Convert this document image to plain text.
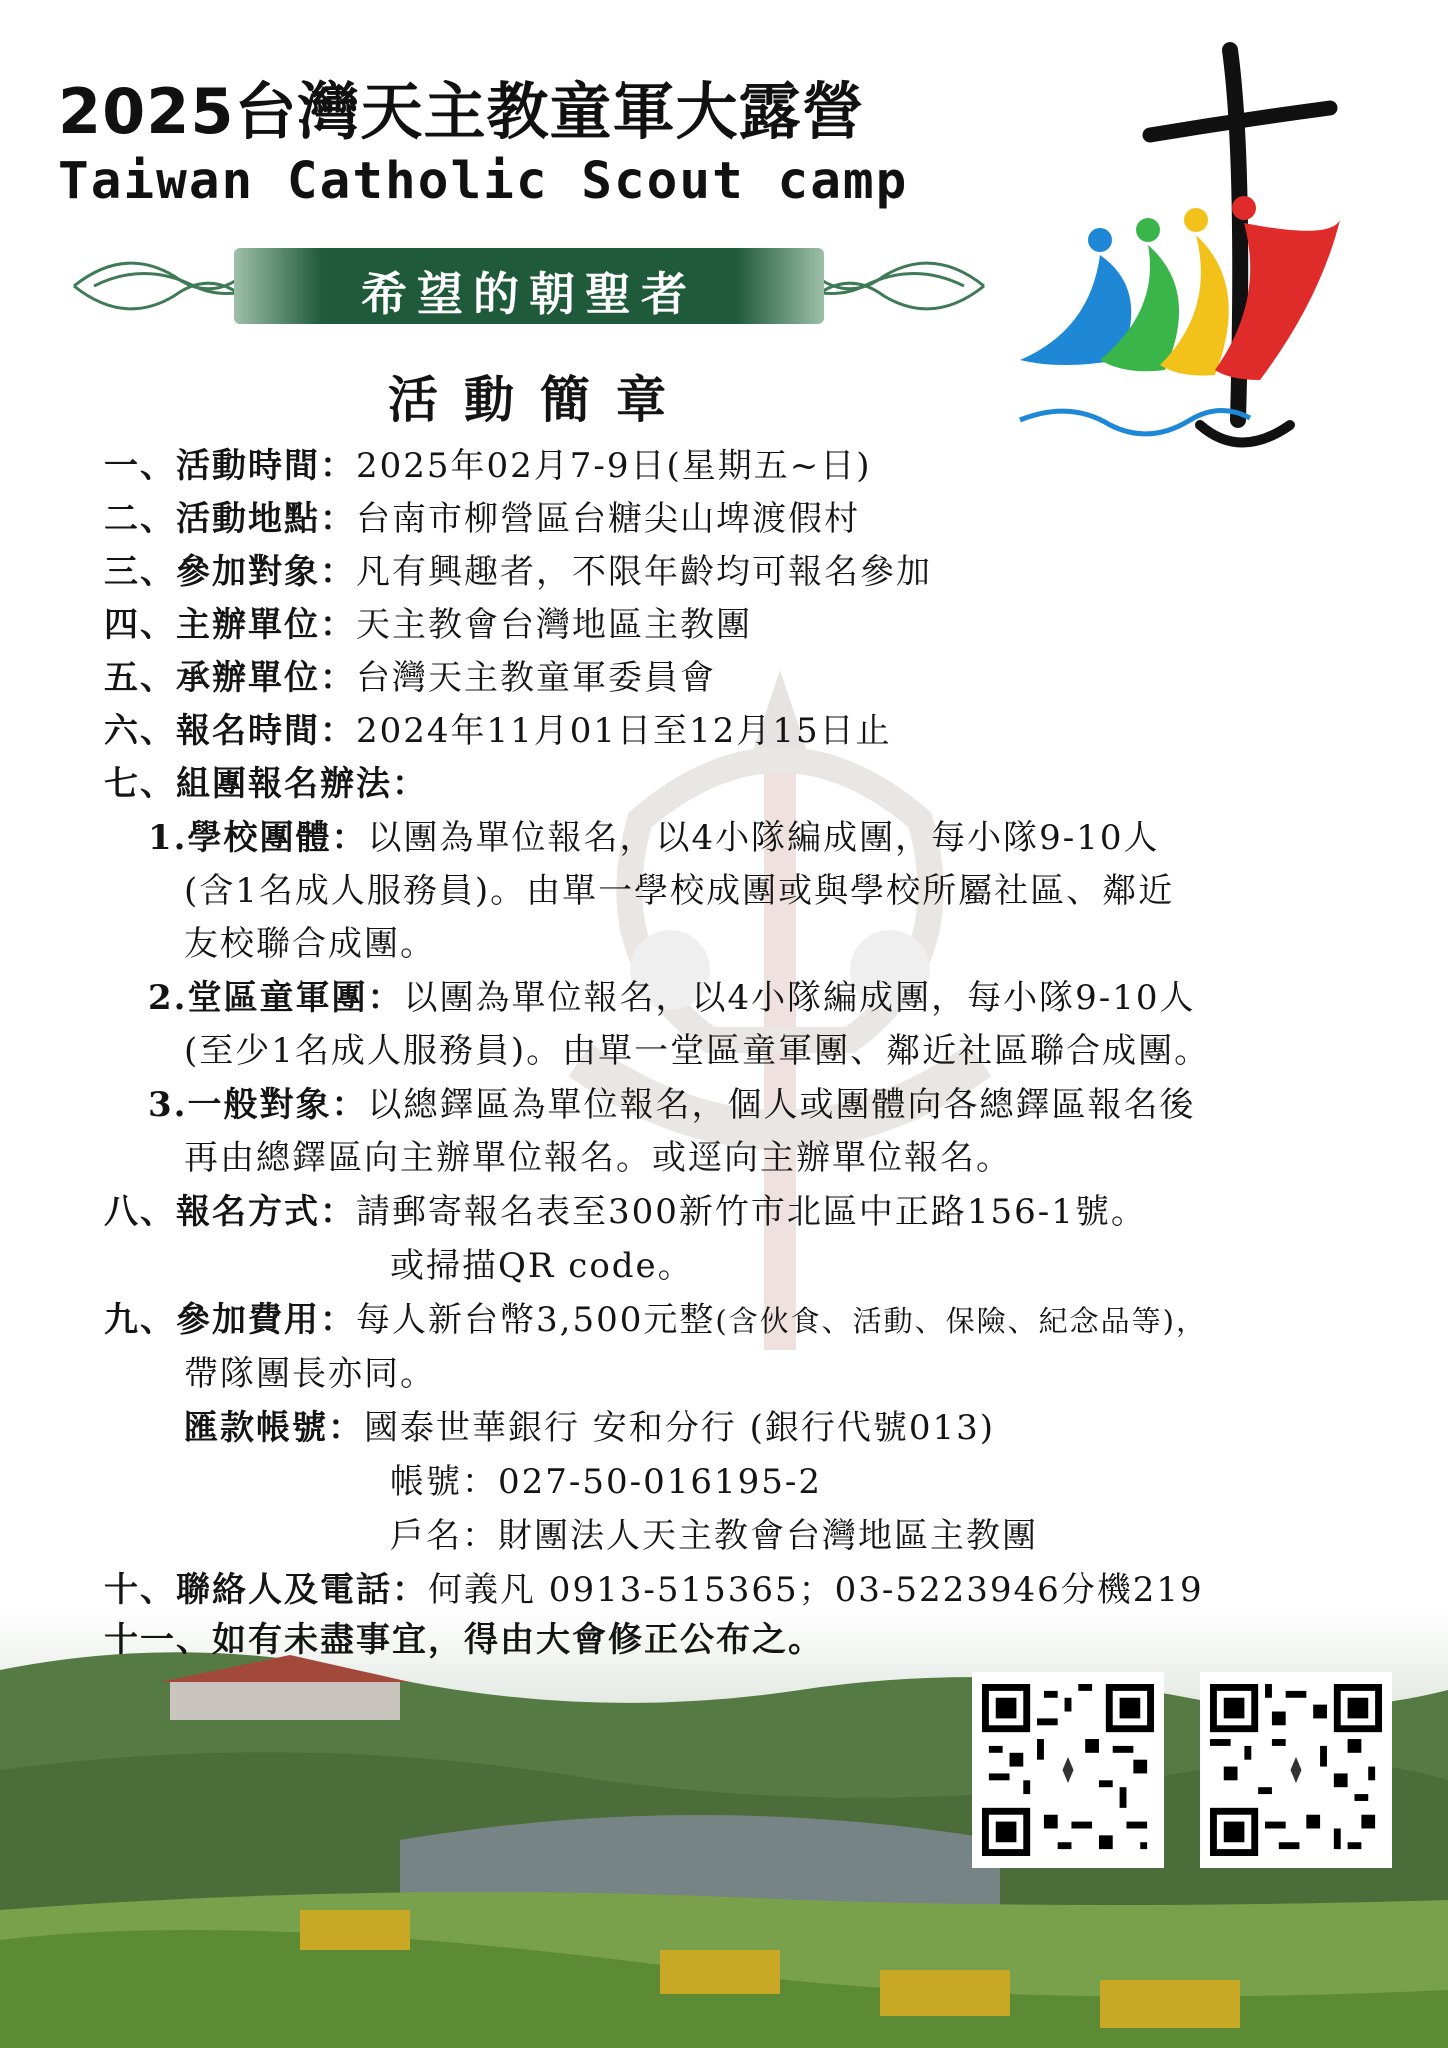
2025台灣天主教童軍大露營
Taiwan Catholic Scout camp
希望的朝聖者
活動簡章
一、活動時間：2025年02月7-9日(星期五~日)
二、活動地點：台南市柳營區台糖尖山埤渡假村
三、參加對象：凡有興趣者，不限年齡均可報名參加
四、主辦單位：天主教會台灣地區主教團
五、承辦單位：台灣天主教童軍委員會
六、報名時間：2024年11月01日至12月15日止
七、組團報名辦法：
1.學校團體：以團為單位報名，以4小隊編成團，每小隊9-10人
(含1名成人服務員)。由單一學校成團或與學校所屬社區、鄰近
友校聯合成團。
2.堂區童軍團：以團為單位報名，以4小隊編成團，每小隊9-10人
(至少1名成人服務員)。由單一堂區童軍團、鄰近社區聯合成團。
3.一般對象：以總鐸區為單位報名，個人或團體向各總鐸區報名後
再由總鐸區向主辦單位報名。或逕向主辦單位報名。
八、報名方式：請郵寄報名表至300新竹市北區中正路156-1號。
或掃描QR code。
九、參加費用：每人新台幣3,500元整(含伙食、活動、保險、紀念品等)，
帶隊團長亦同。
匯款帳號：國泰世華銀行 安和分行 (銀行代號013)
帳號：027-50-016195-2
戶名：財團法人天主教會台灣地區主教團
十、聯絡人及電話：何義凡 0913-515365；03-5223946分機219
十一、如有未盡事宜，得由大會修正公布之。
